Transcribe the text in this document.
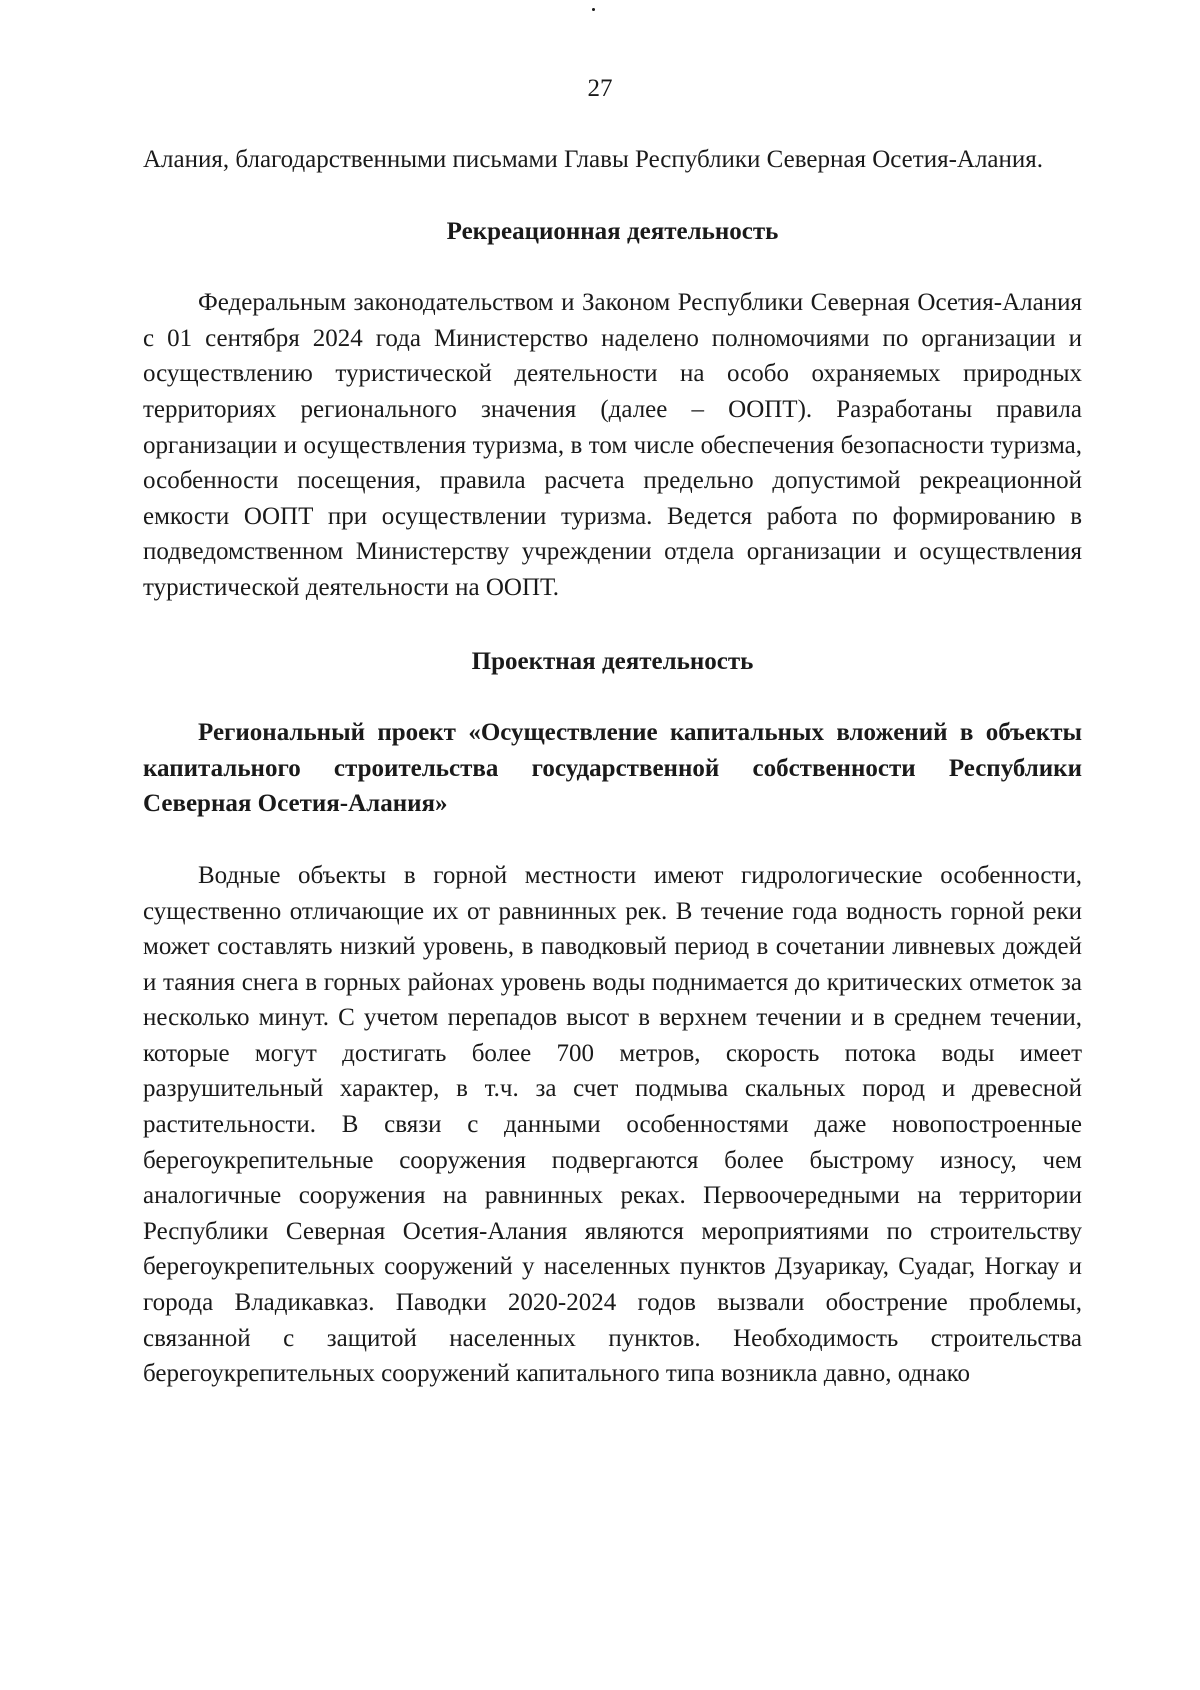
27

Алания, благодарственными письмами Главы Республики Северная Осетия-Алания.

Рекреационная деятельность

Федеральным законодательством и Законом Республики Северная Осетия-Алания с 01 сентября 2024 года Министерство наделено полномочиями по организации и осуществлению туристической деятельности на особо охраняемых природных территориях регионального значения (далее – ООПТ). Разработаны правила организации и осуществления туризма, в том числе обеспечения безопасности туризма, особенности посещения, правила расчета предельно допустимой рекреационной емкости ООПТ при осуществлении туризма. Ведется работа по формированию в подведомственном Министерству учреждении отдела организации и осуществления туристической деятельности на ООПТ.

Проектная деятельность

Региональный проект «Осуществление капитальных вложений в объекты капитального строительства государственной собственности Республики Северная Осетия-Алания»

Водные объекты в горной местности имеют гидрологические особенности, существенно отличающие их от равнинных рек. В течение года водность горной реки может составлять низкий уровень, в паводковый период в сочетании ливневых дождей и таяния снега в горных районах уровень воды поднимается до критических отметок за несколько минут. С учетом перепадов высот в верхнем течении и в среднем течении, которые могут достигать более 700 метров, скорость потока воды имеет разрушительный характер, в т.ч. за счет подмыва скальных пород и древесной растительности. В связи с данными особенностями даже новопостроенные берегоукрепительные сооружения подвергаются более быстрому износу, чем аналогичные сооружения на равнинных реках. Первоочередными на территории Республики Северная Осетия-Алания являются мероприятиями по строительству берегоукрепительных сооружений у населенных пунктов Дзуарикау, Суадаг, Ногкау и города Владикавказ. Паводки 2020-2024 годов вызвали обострение проблемы, связанной с защитой населенных пунктов. Необходимость строительства берегоукрепительных сооружений капитального типа возникла давно, однако
